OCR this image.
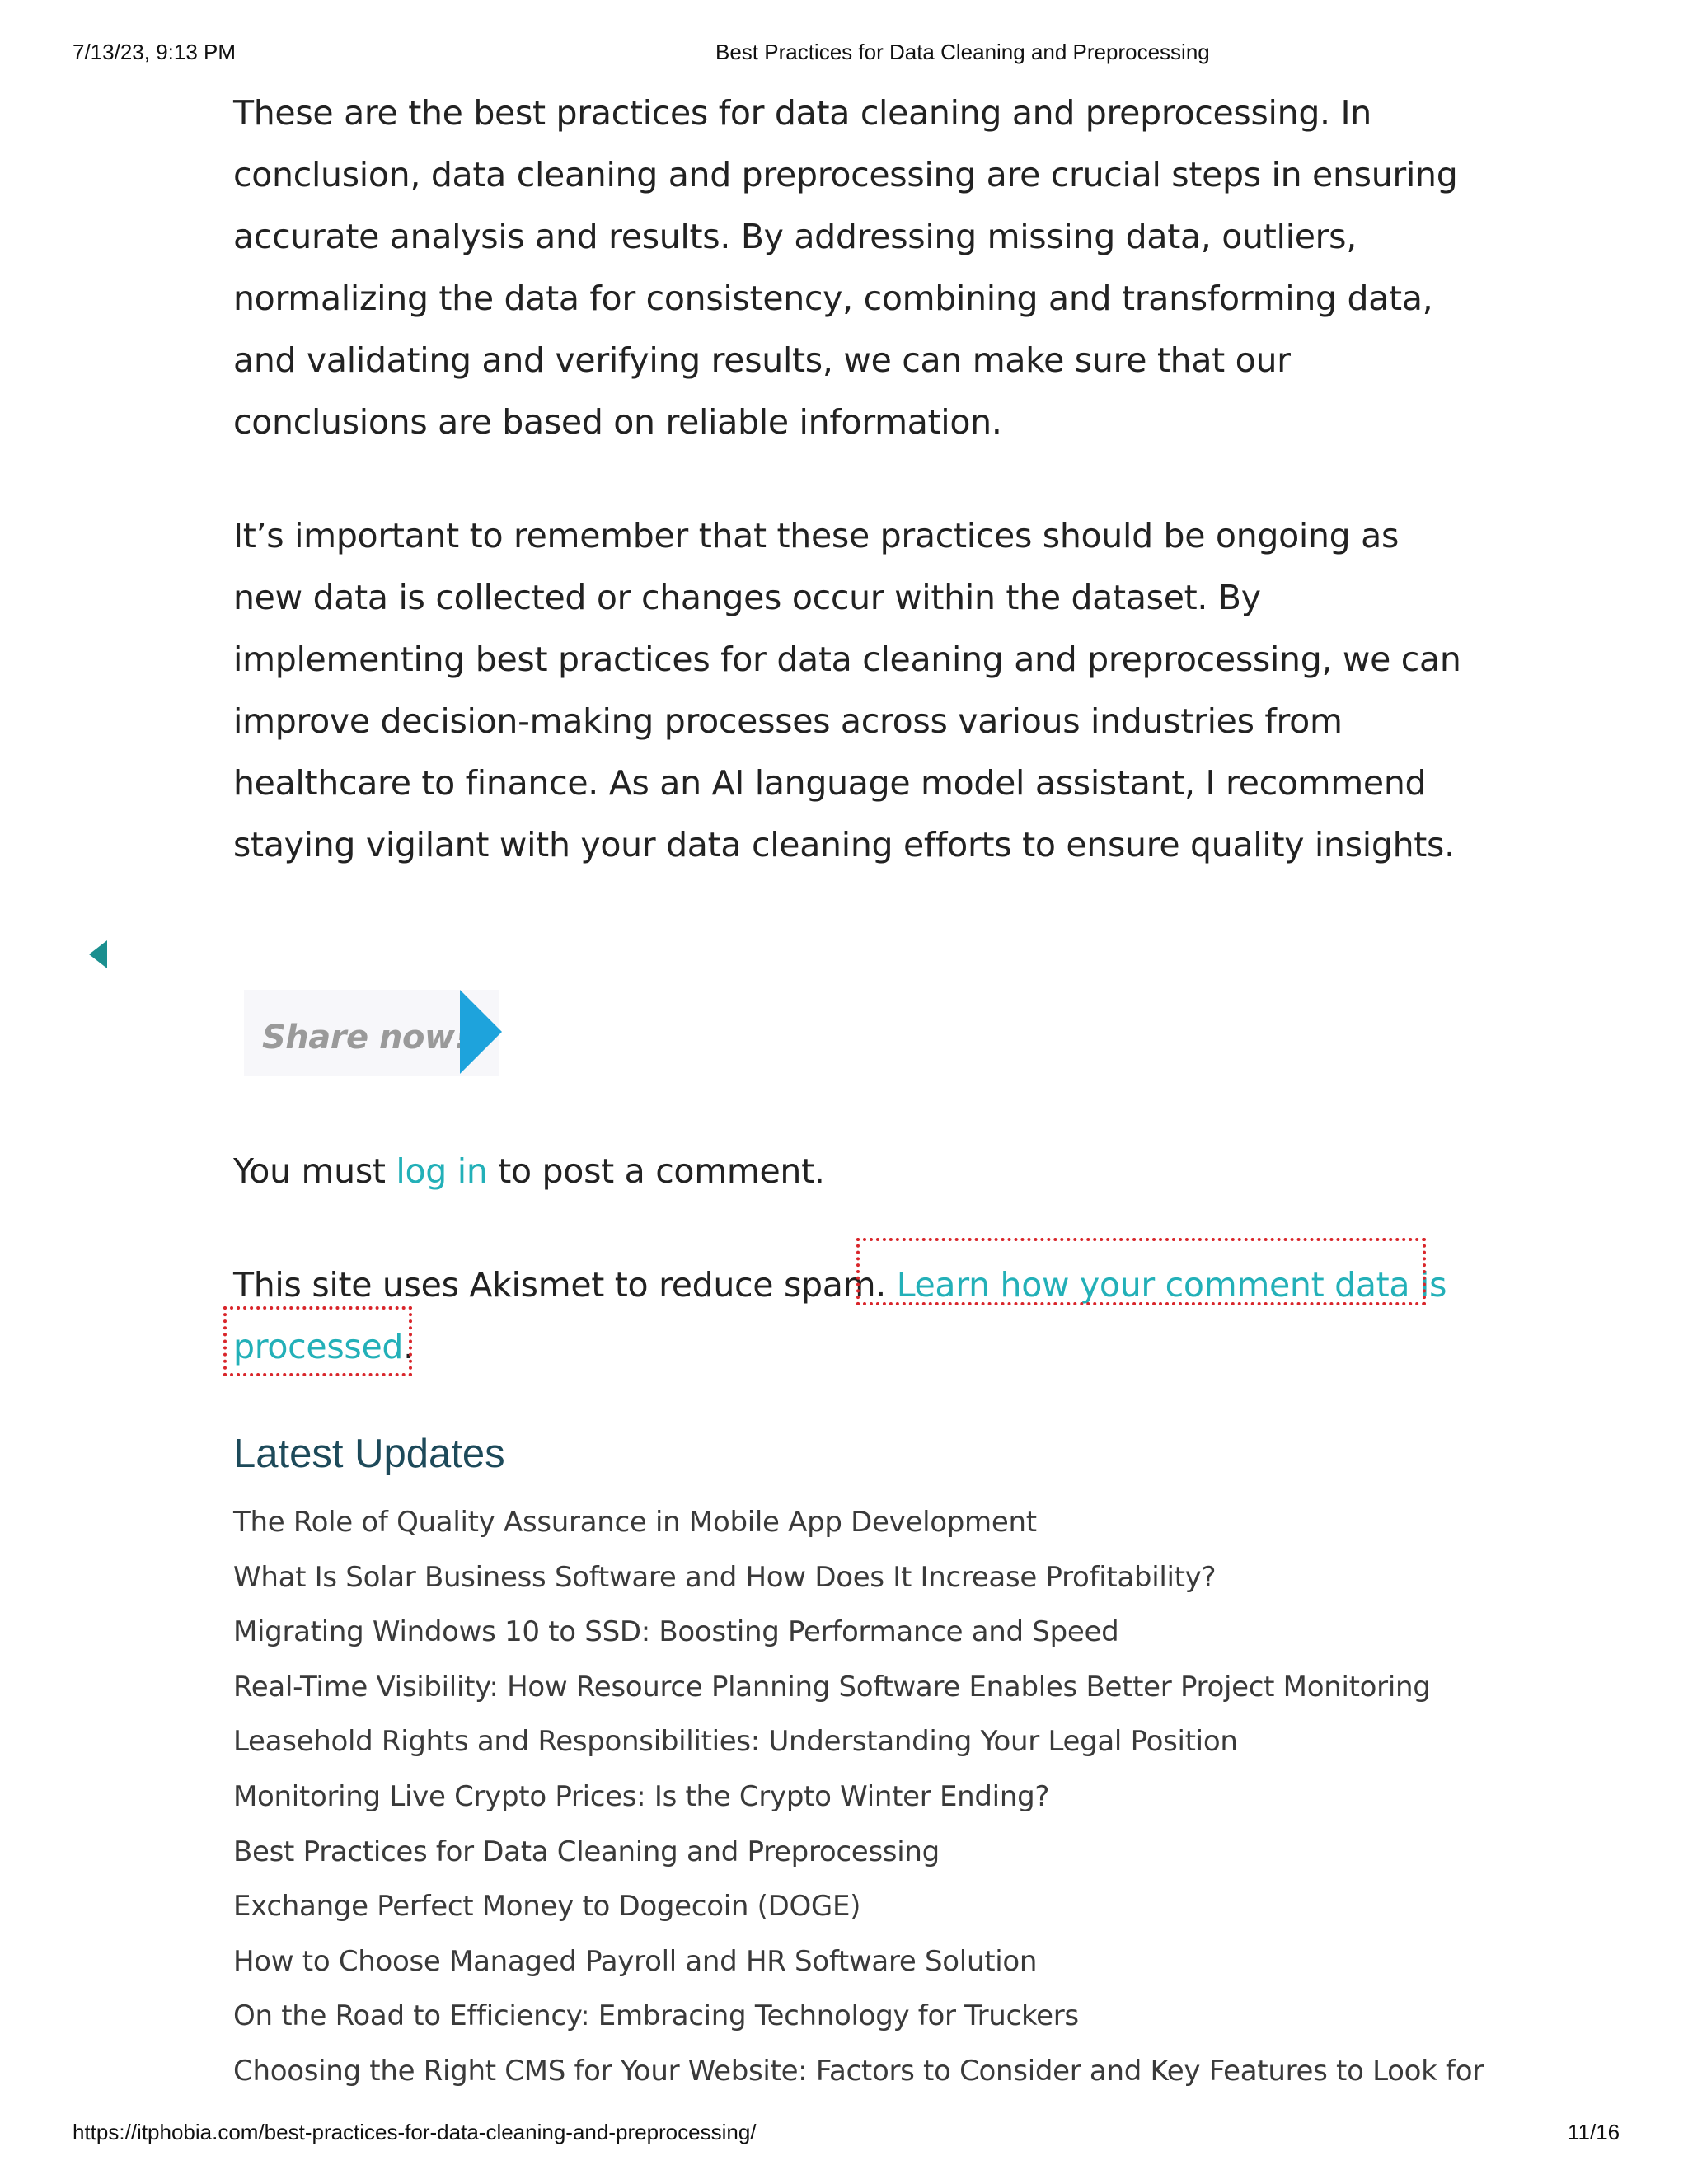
7/13/23, 9:13 PM	Best Practices for Data Cleaning and Preprocessing

These are the best practices for data cleaning and preprocessing. In conclusion, data cleaning and preprocessing are crucial steps in ensuring accurate analysis and results. By addressing missing data, outliers, normalizing the data for consistency, combining and transforming data, and validating and verifying results, we can make sure that our conclusions are based on reliable information.

It’s important to remember that these practices should be ongoing as new data is collected or changes occur within the dataset. By implementing best practices for data cleaning and preprocessing, we can improve decision-making processes across various industries from healthcare to finance. As an AI language model assistant, I recommend staying vigilant with your data cleaning efforts to ensure quality insights.

Share now!
You must log in to post a comment.
This site uses Akismet to reduce spam. Learn how your comment data is processed.
Latest Updates
The Role of Quality Assurance in Mobile App Development
What Is Solar Business Software and How Does It Increase Profitability?
Migrating Windows 10 to SSD: Boosting Performance and Speed
Real-Time Visibility: How Resource Planning Software Enables Better Project Monitoring
Leasehold Rights and Responsibilities: Understanding Your Legal Position
Monitoring Live Crypto Prices: Is the Crypto Winter Ending?
Best Practices for Data Cleaning and Preprocessing
Exchange Perfect Money to Dogecoin (DOGE)
How to Choose Managed Payroll and HR Software Solution
On the Road to Efficiency: Embracing Technology for Truckers
Choosing the Right CMS for Your Website: Factors to Consider and Key Features to Look for
https://itphobia.com/best-practices-for-data-cleaning-and-preprocessing/	11/16
